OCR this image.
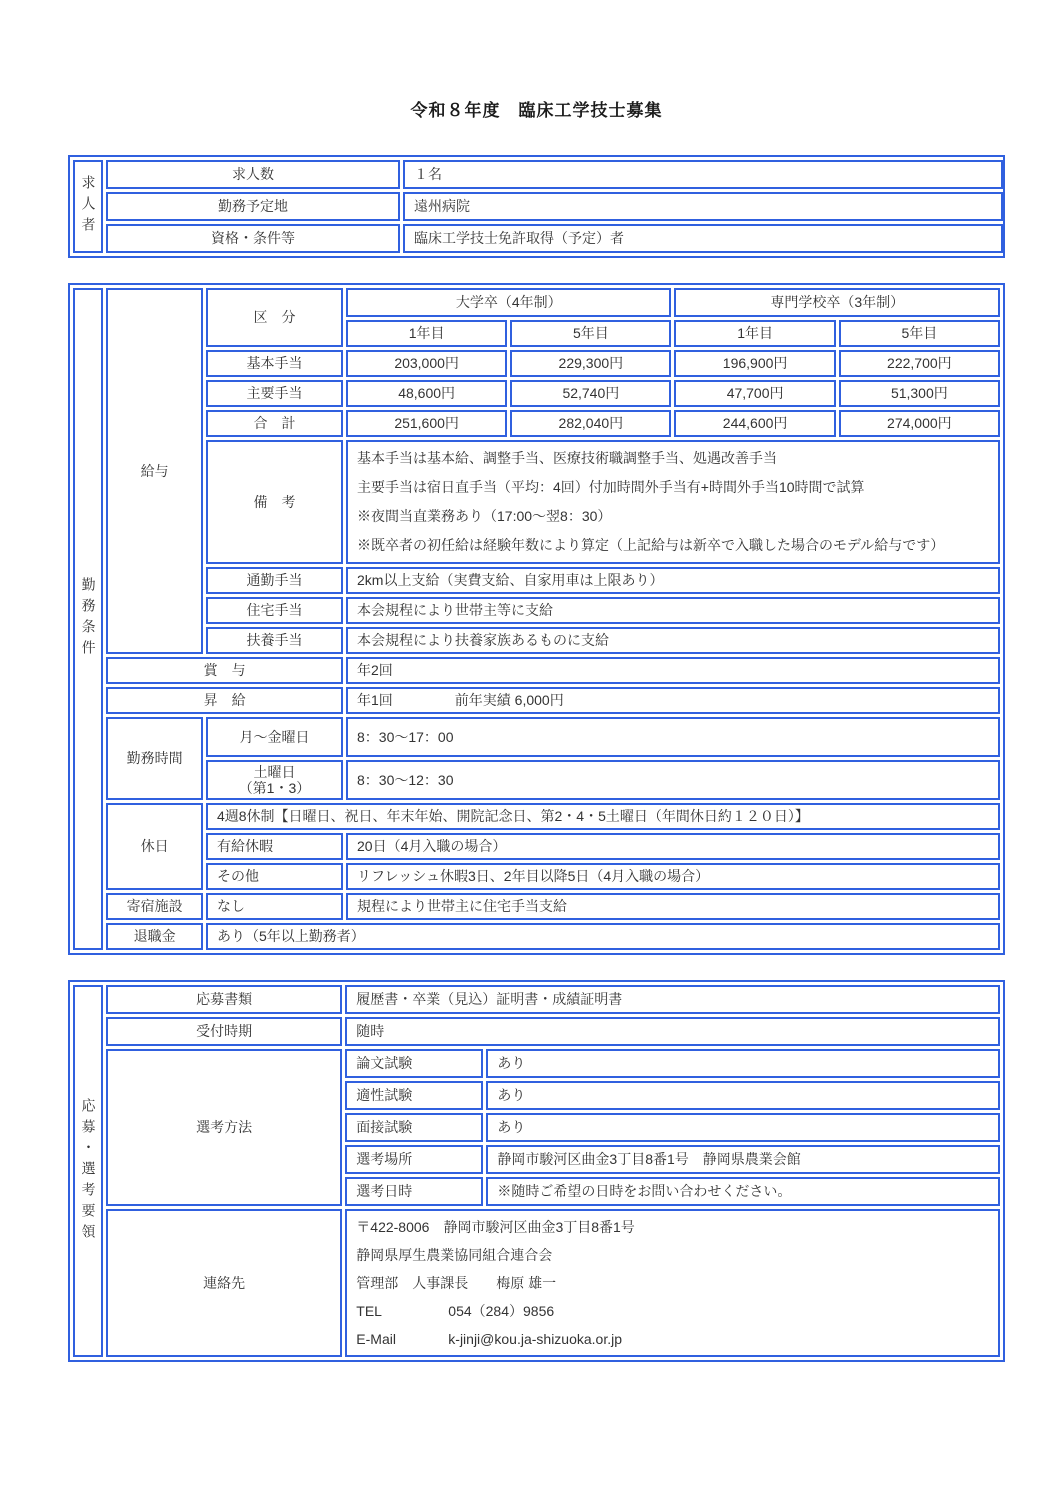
令和８年度　臨床工学技士募集
求人者	求人数	１名
	勤務予定地	遠州病院
	資格・条件等	臨床工学技士免許取得（予定）者
勤務条件	給与	区　分	大学卒（4年制）		専門学校卒（3年制）	
			1年目	5年目	1年目	5年目
		基本手当	203,000円	229,300円	196,900円	222,700円
		主要手当	48,600円	52,740円	47,700円	51,300円
		合　計	251,600円	282,040円	244,600円	274,000円
		備　考	基本手当は基本給、調整手当、医療技術職調整手当、処遇改善手当
主要手当は宿日直手当（平均：4回）付加時間外手当有+時間外手当10時間で試算
※夜間当直業務あり（17:00～翌8：30）
※既卒者の初任給は経験年数により算定（上記給与は新卒で入職した場合のモデル給与です）			

		通勤手当	2km以上支給（実費支給、自家用車は上限あり）			
		住宅手当	本会規程により世帯主等に支給			
		扶養手当	本会規程により扶養家族あるものに支給			
	賞　与		年2回			
	昇　給		年1回 前年実績 6,000円			
	勤務時間	月～金曜日	8：30～17：00			

		土曜日
（第1・3）	8：30～12：30			
	休日	4週8休制【日曜日、祝日、年末年始、開院記念日、第2・4・5土曜日（年間休日約１２０日）】				
		有給休暇	20日（4月入職の場合）			
		その他	リフレッシュ休暇3日、2年目以降5日（4月入職の場合）			
	寄宿施設	なし	規程により世帯主に住宅手当支給			
	退職金	あり（5年以上勤務者）				
応募・選考要領	応募書類	履歴書・卒業（見込）証明書・成績証明書	
	受付時期	随時	
	選考方法	論文試験	あり
		適性試験	あり
		面接試験	あり
		選考場所	静岡市駿河区曲金3丁目8番1号　静岡県農業会館
		選考日時	※随時ご希望の日時をお問い合わせください。
	連絡先	〒422-8006　静岡市駿河区曲金3丁目8番1号
静岡県厚生農業協同組合連合会
管理部　人事課長　　梅原 雄一
TEL 054（284）9856
E-Mail k-jinji@kou.ja-shizuoka.or.jp	
